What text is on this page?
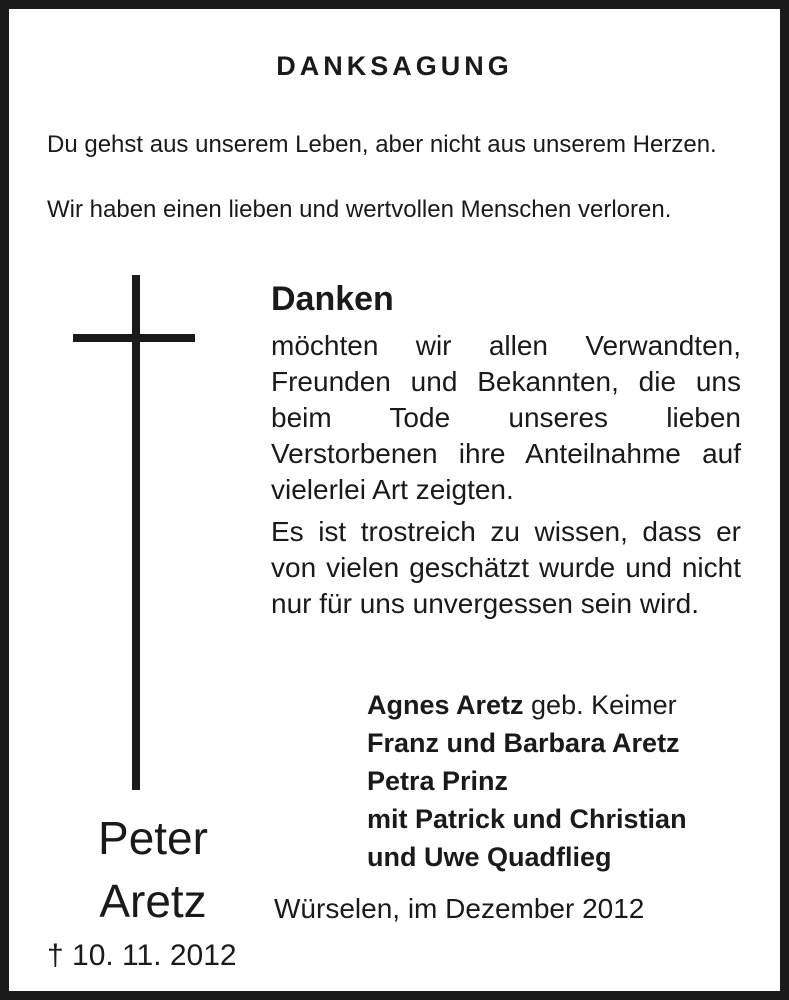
DANKSAGUNG
Du gehst aus unserem Leben, aber nicht aus unserem Herzen.
Wir haben einen lieben und wertvollen Menschen verloren.
Danken
möchten wir allen Verwandten, Freunden und Bekannten, die uns beim Tode unseres lieben Verstorbenen ihre Anteilnahme auf vielerlei Art zeigten.
Es ist trostreich zu wissen, dass er von vielen geschätzt wurde und nicht nur für uns unvergessen sein wird.
Agnes Aretz geb. Keimer
Franz und Barbara Aretz
Petra Prinz
mit Patrick und Christian
und Uwe Quadflieg
Peter
Aretz
† 10. 11. 2012
Würselen, im Dezember 2012
